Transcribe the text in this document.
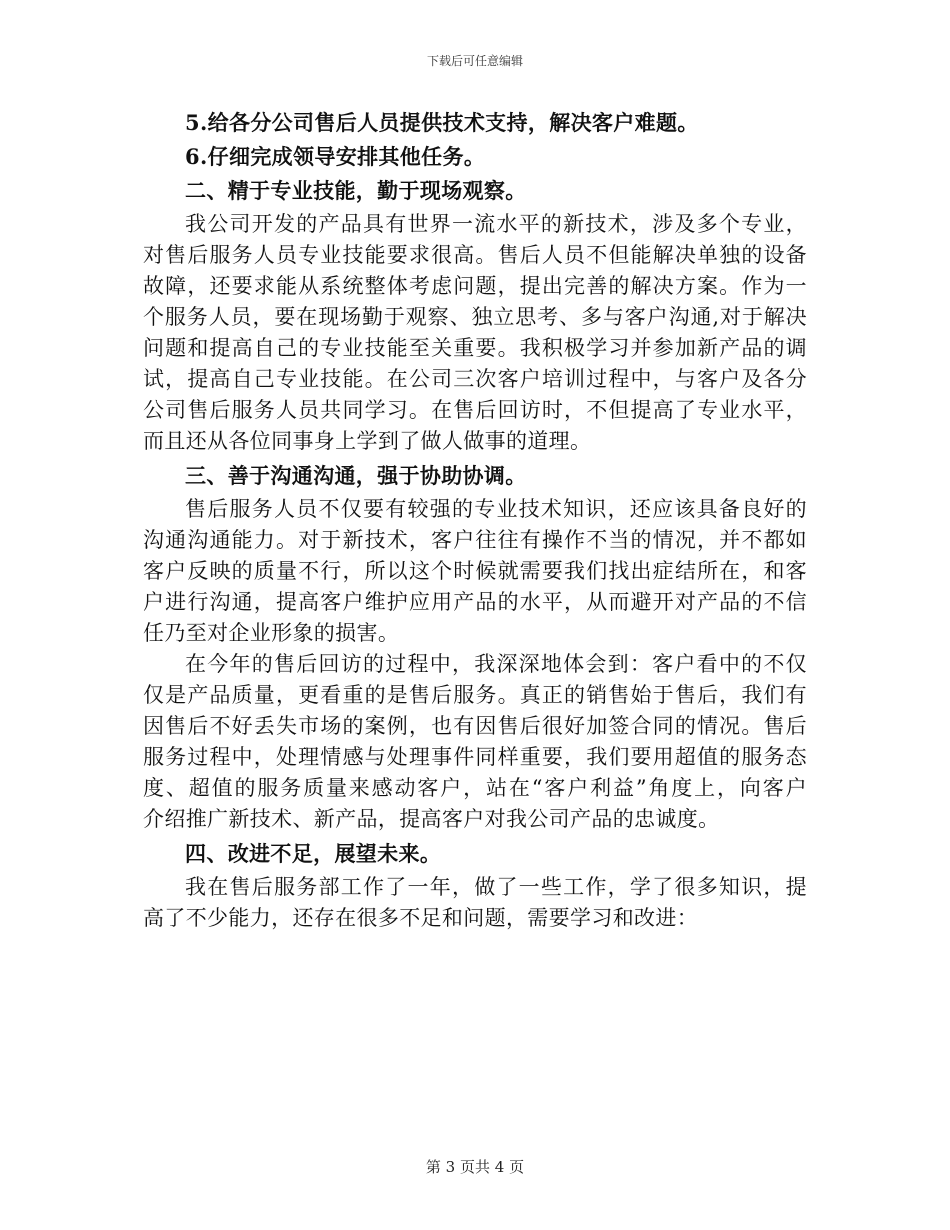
下载后可任意编辑
5.给各分公司售后人员提供技术支持，解决客户难题。
6.仔细完成领导安排其他任务。
二、精于专业技能，勤于现场观察。
我公司开发的产品具有世界一流水平的新技术，涉及多个专业，
对售后服务人员专业技能要求很高。售后人员不但能解决单独的设备
故障，还要求能从系统整体考虑问题，提出完善的解决方案。作为一
个服务人员，要在现场勤于观察、独立思考、多与客户沟通,对于解决
问题和提高自己的专业技能至关重要。我积极学习并参加新产品的调
试，提高自己专业技能。在公司三次客户培训过程中，与客户及各分
公司售后服务人员共同学习。在售后回访时，不但提高了专业水平，
而且还从各位同事身上学到了做人做事的道理。
三、善于沟通沟通，强于协助协调。
售后服务人员不仅要有较强的专业技术知识，还应该具备良好的
沟通沟通能力。对于新技术，客户往往有操作不当的情况，并不都如
客户反映的质量不行，所以这个时候就需要我们找出症结所在，和客
户进行沟通，提高客户维护应用产品的水平，从而避开对产品的不信
任乃至对企业形象的损害。
在今年的售后回访的过程中，我深深地体会到：客户看中的不仅
仅是产品质量，更看重的是售后服务。真正的销售始于售后，我们有
因售后不好丢失市场的案例，也有因售后很好加签合同的情况。售后
服务过程中，处理情感与处理事件同样重要，我们要用超值的服务态
度、超值的服务质量来感动客户，站在“客户利益”角度上，向客户
介绍推广新技术、新产品，提高客户对我公司产品的忠诚度。
四、改进不足，展望未来。
我在售后服务部工作了一年，做了一些工作，学了很多知识，提
高了不少能力，还存在很多不足和问题，需要学习和改进：
第 3 页共 4 页
